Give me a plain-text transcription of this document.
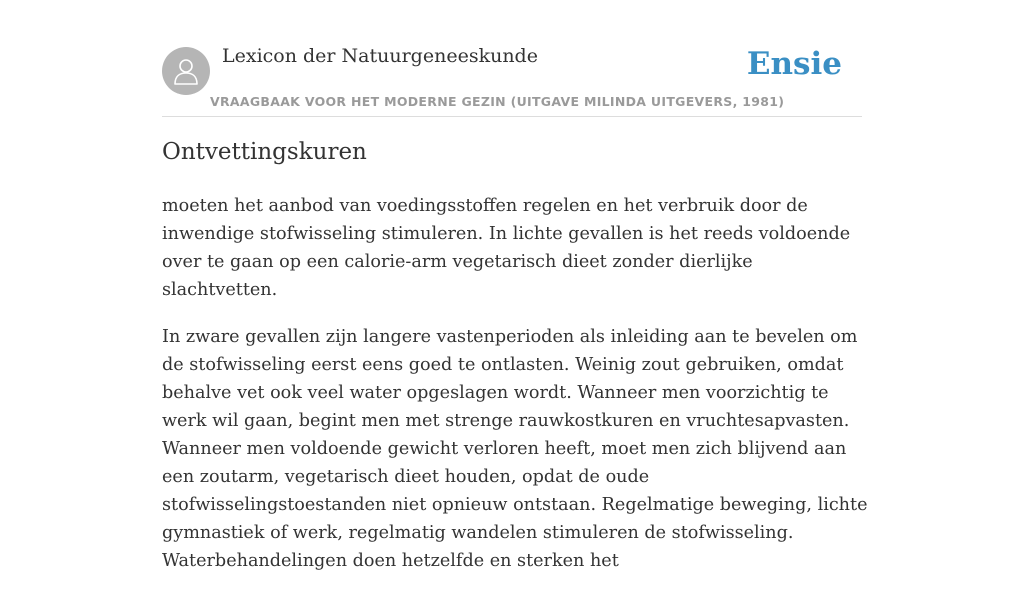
Lexicon der Natuurgeneeskunde
VRAAGBAAK VOOR HET MODERNE GEZIN (UITGAVE MILINDA UITGEVERS, 1981)
Ensie
Ontvettingskuren

moeten het aanbod van voedingsstoffen regelen en het verbruik door de inwendige stofwisseling stimuleren. In lichte gevallen is het reeds voldoende over te gaan op een calorie-arm vegetarisch dieet zonder dierlijke slachtvetten.

In zware gevallen zijn langere vastenperioden als inleiding aan te bevelen om de stofwisseling eerst eens goed te ontlasten. Weinig zout gebruiken, omdat behalve vet ook veel water opgeslagen wordt. Wanneer men voorzichtig te werk wil gaan, begint men met strenge rauwkostkuren en vruchtesapvasten. Wanneer men voldoende gewicht verloren heeft, moet men zich blijvend aan een zoutarm, vegetarisch dieet houden, opdat de oude stofwisselingstoestanden niet opnieuw ontstaan. Regelmatige beweging, lichte gymnastiek of werk, regelmatig wandelen stimuleren de stofwisseling. Waterbehandelingen doen hetzelfde en sterken het
